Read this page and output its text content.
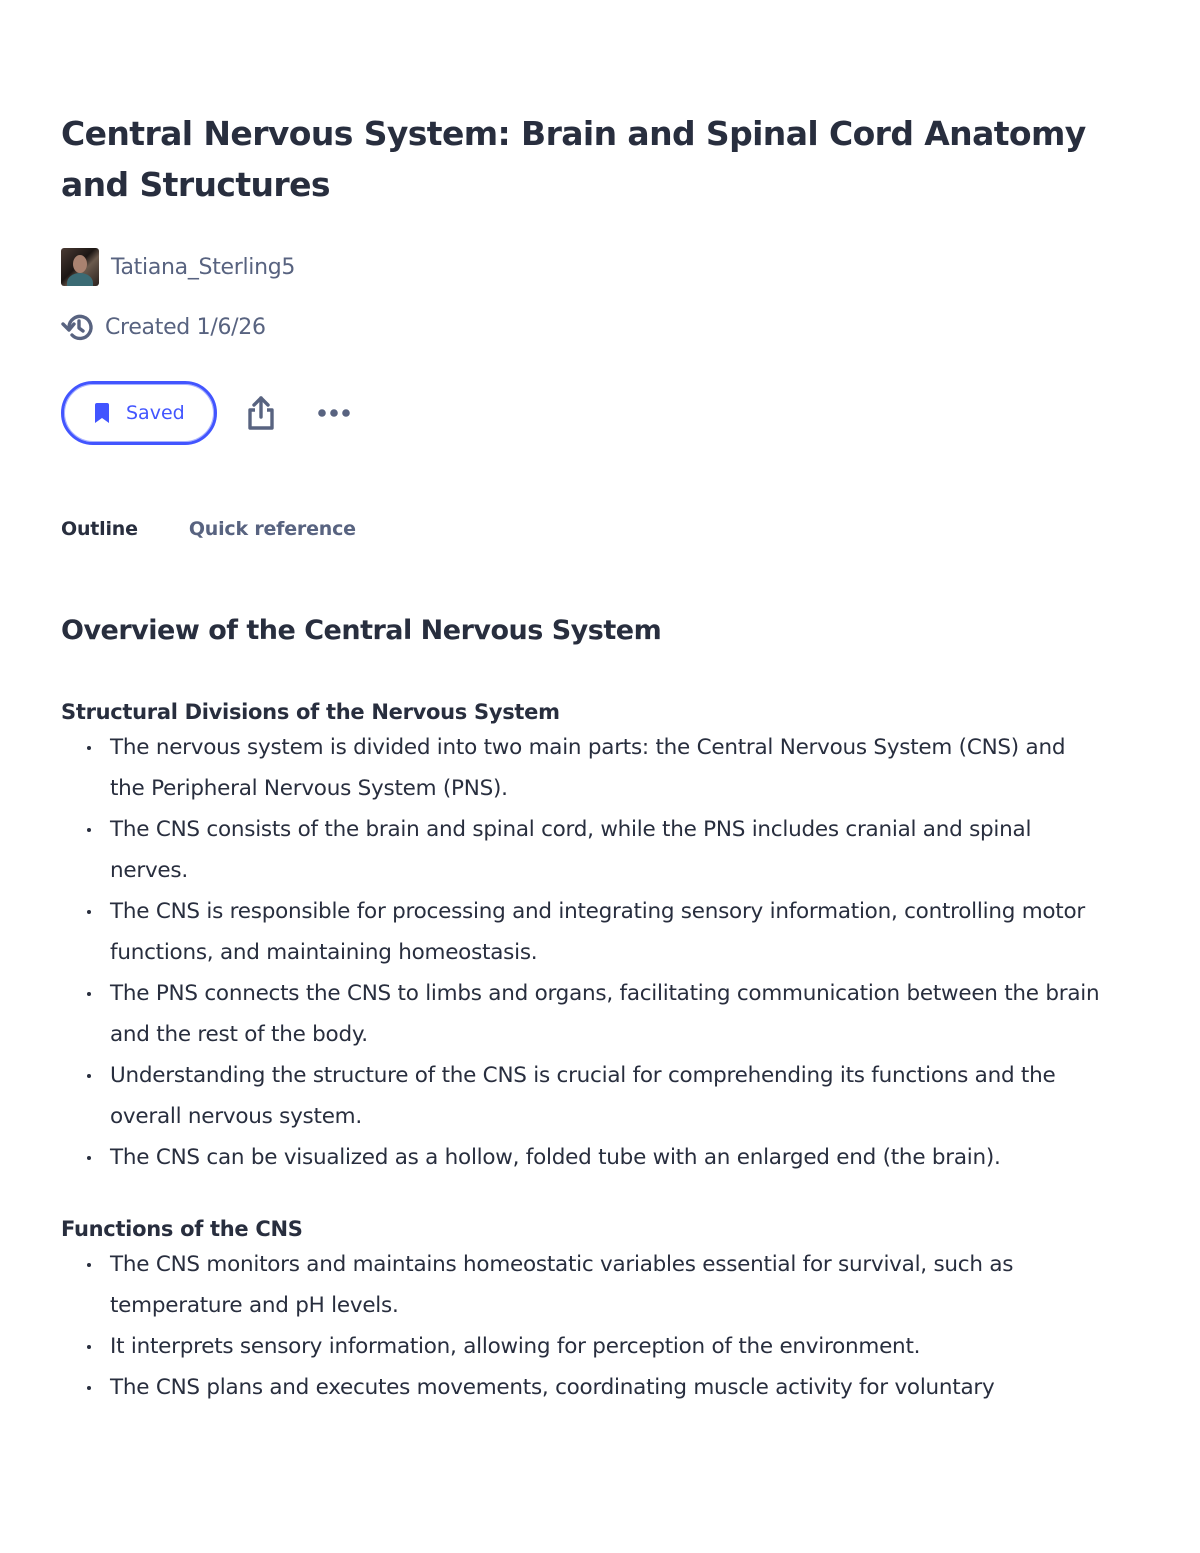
Central Nervous System: Brain and Spinal Cord Anatomy and Structures
Tatiana_Sterling5
Created 1/6/26
Saved
Outline	Quick reference
Overview of the Central Nervous System
Structural Divisions of the Nervous System
The nervous system is divided into two main parts: the Central Nervous System (CNS) and the Peripheral Nervous System (PNS).
The CNS consists of the brain and spinal cord, while the PNS includes cranial and spinal nerves.
The CNS is responsible for processing and integrating sensory information, controlling motor functions, and maintaining homeostasis.
The PNS connects the CNS to limbs and organs, facilitating communication between the brain and the rest of the body.
Understanding the structure of the CNS is crucial for comprehending its functions and the overall nervous system.
The CNS can be visualized as a hollow, folded tube with an enlarged end (the brain).
Functions of the CNS
The CNS monitors and maintains homeostatic variables essential for survival, such as temperature and pH levels.
It interprets sensory information, allowing for perception of the environment.
The CNS plans and executes movements, coordinating muscle activity for voluntary
